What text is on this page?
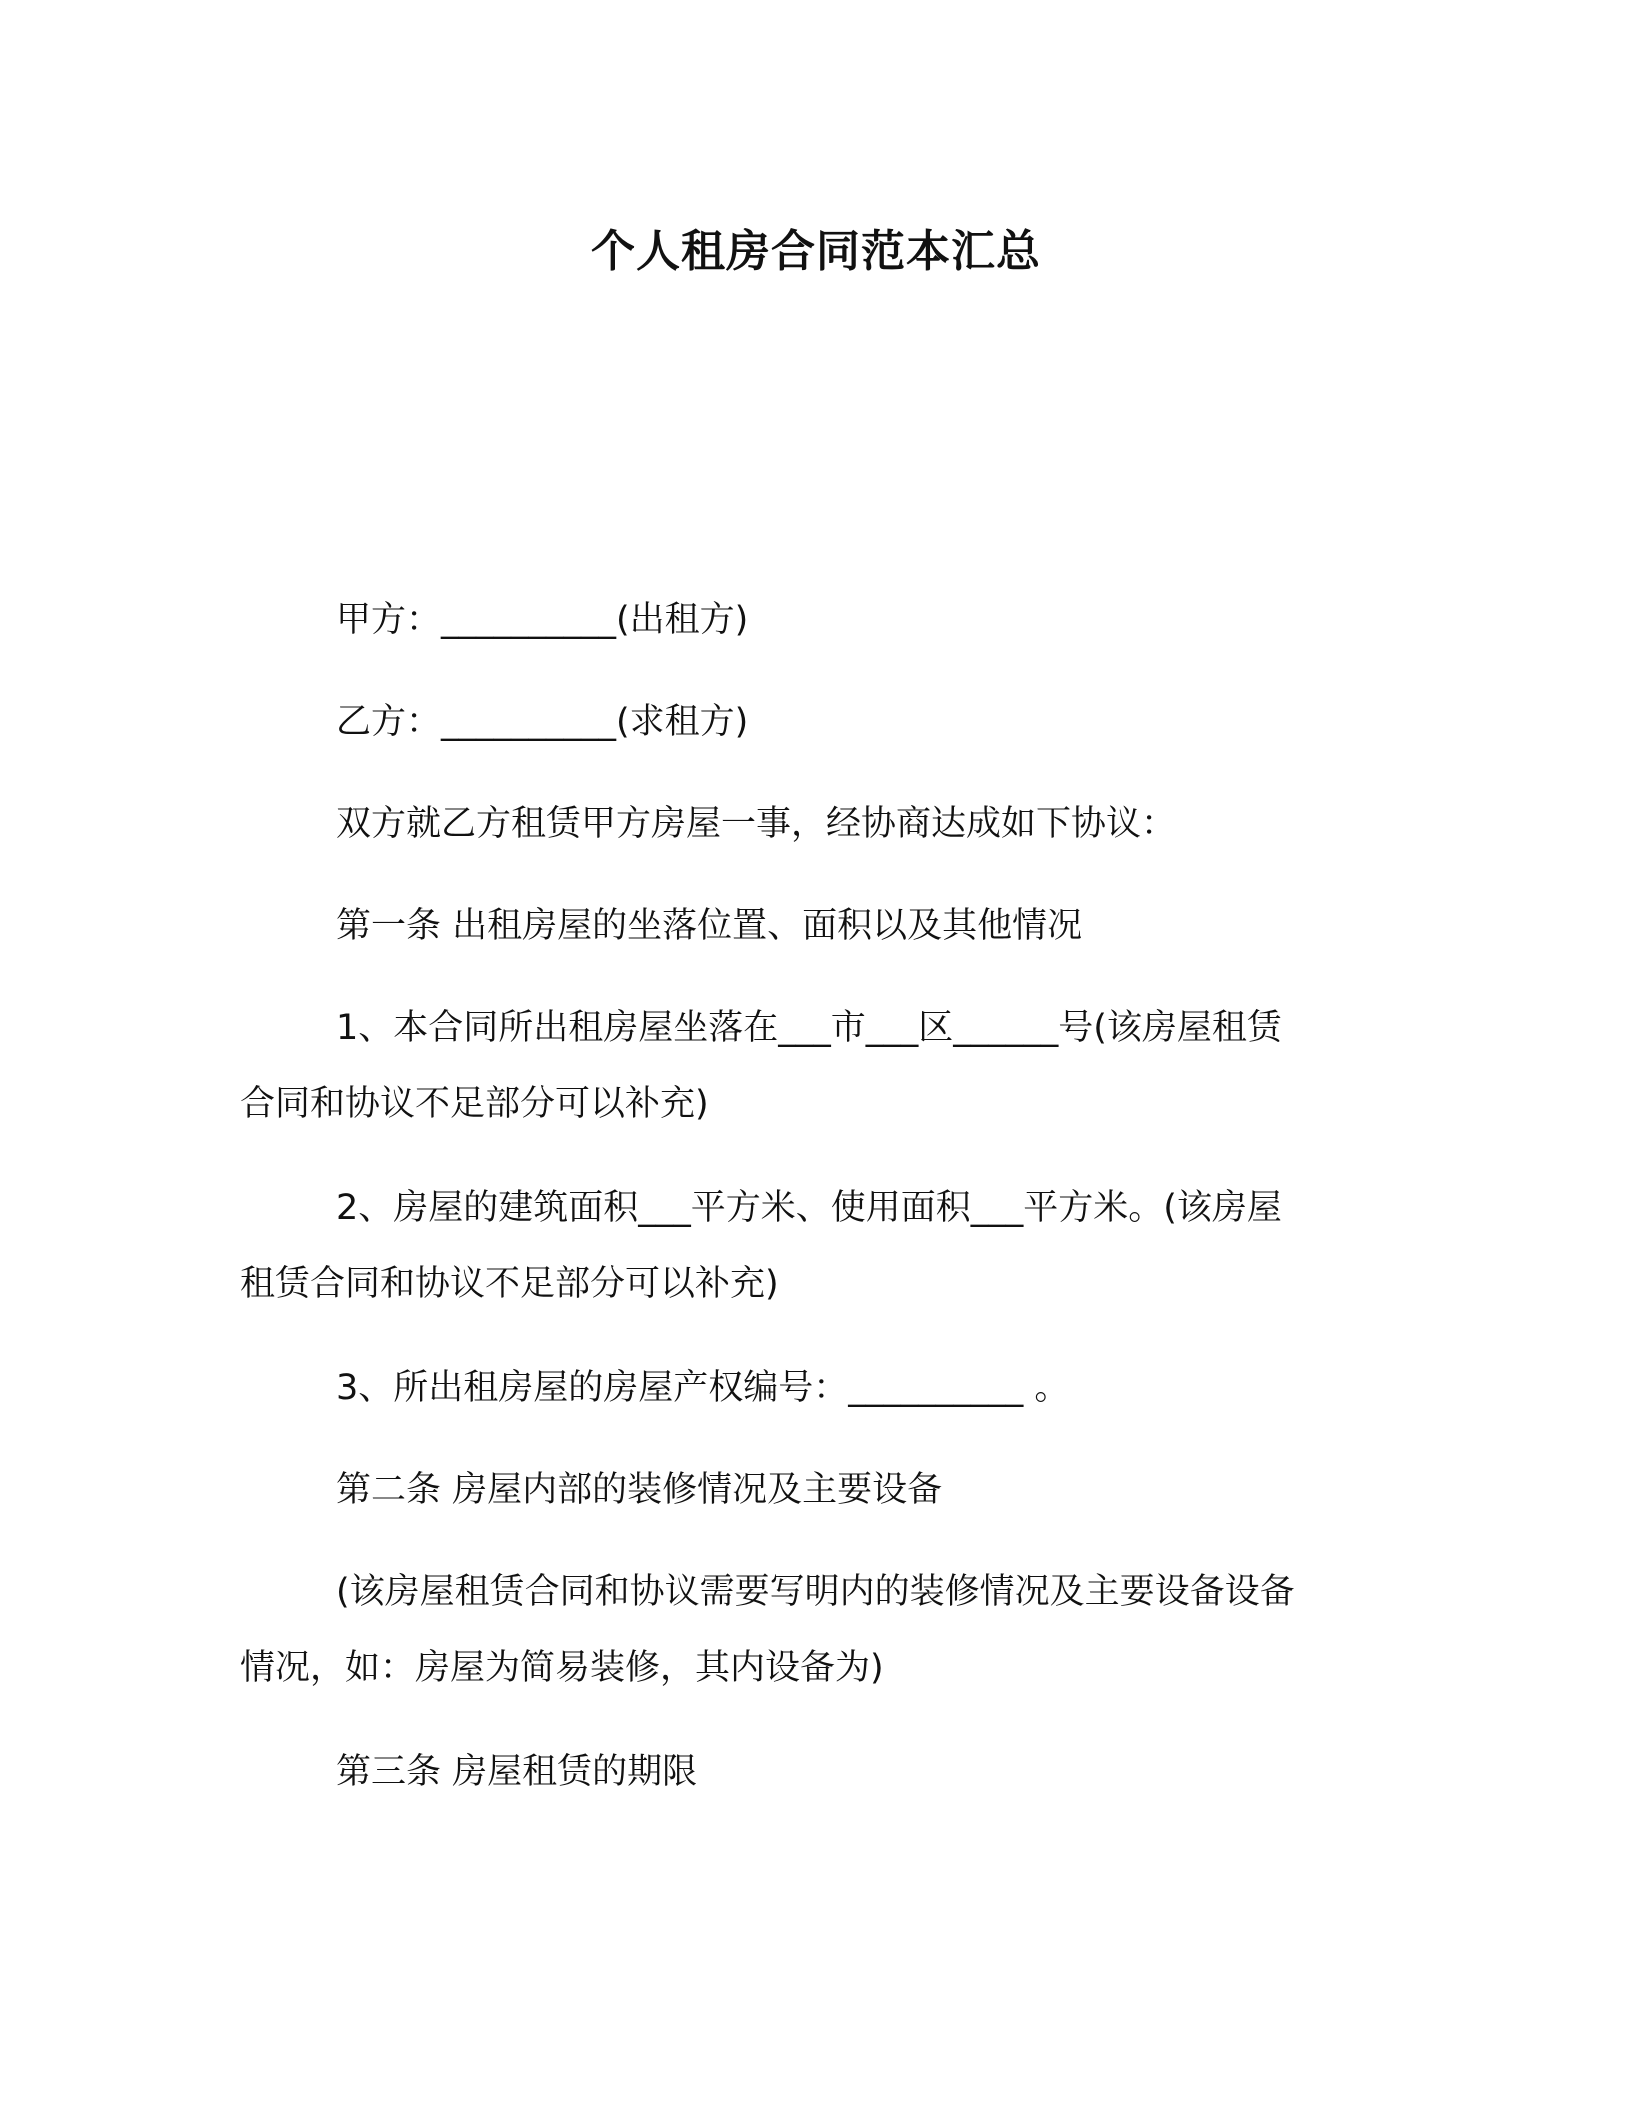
个人租房合同范本汇总
甲方：__________(出租方)
乙方：__________(求租方)
双方就乙方租赁甲方房屋一事，经协商达成如下协议：
第一条 出租房屋的坐落位置、面积以及其他情况
1、本合同所出租房屋坐落在___市___区______号(该房屋租赁
合同和协议不足部分可以补充)
2、房屋的建筑面积___平方米、使用面积___平方米。(该房屋
租赁合同和协议不足部分可以补充)
3、所出租房屋的房屋产权编号：__________ 。
第二条 房屋内部的装修情况及主要设备
(该房屋租赁合同和协议需要写明内的装修情况及主要设备设备
情况，如：房屋为简易装修，其内设备为)
第三条 房屋租赁的期限
